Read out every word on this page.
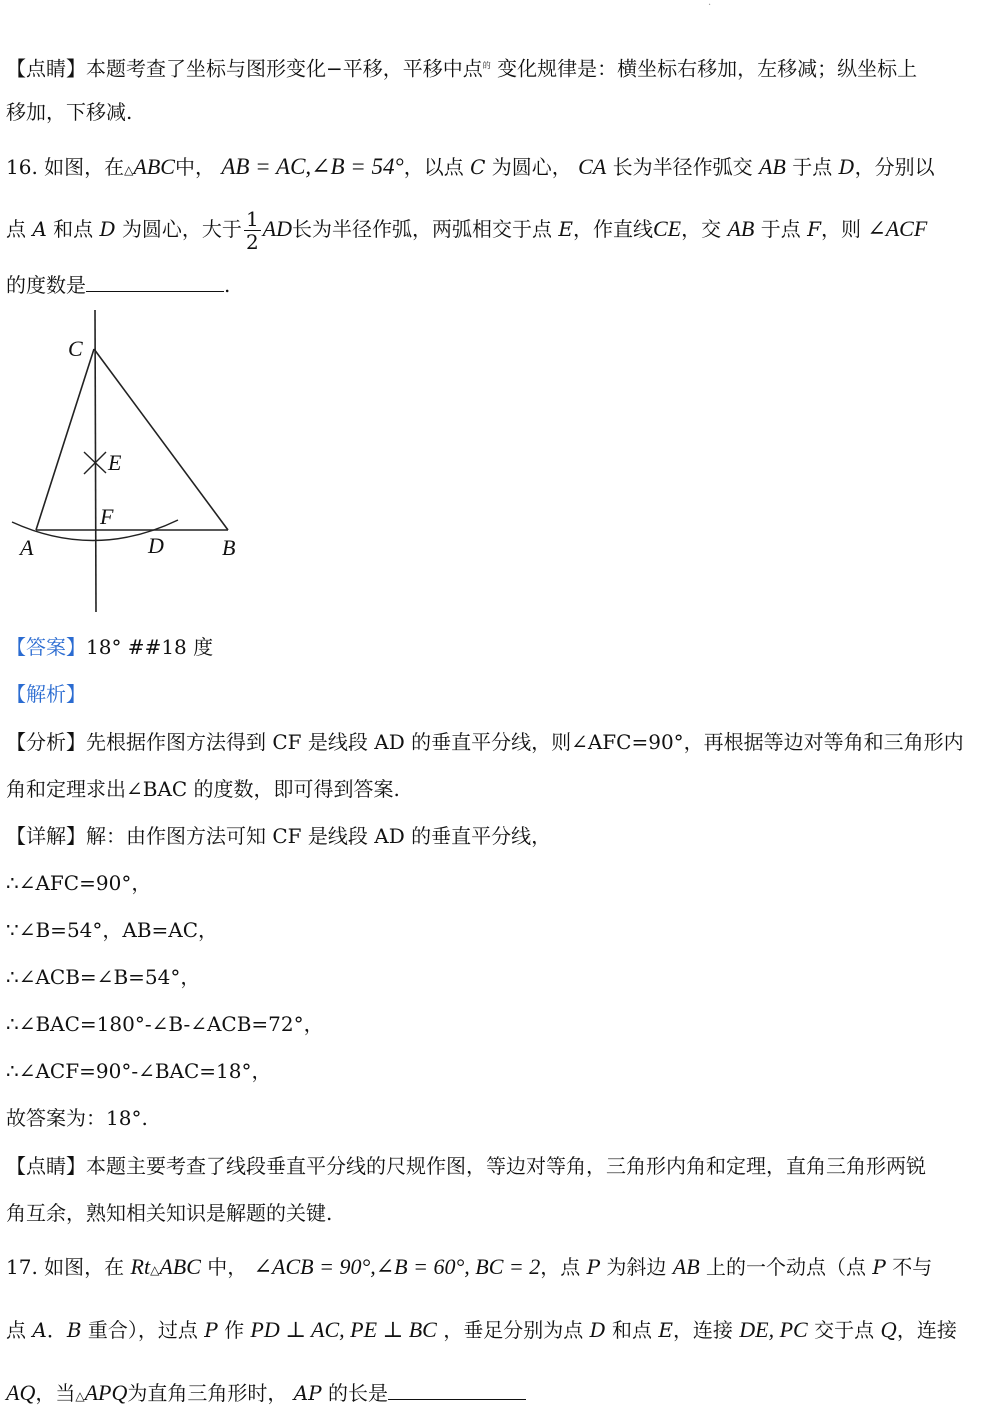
·
【点睛】本题考查了坐标与图形变化−平移，平移中点$^的$ 变化规律是：横坐标右移加，左移减；纵坐标上
移加，下移减.
16. 如图，在△ABC中， AB = AC,∠B = 54°，以点 C 为圆心， CA 长为半径作弧交 AB 于点 D，分别以
点 A 和点 D 为圆心，大于 $\frac{1}{2}$ AD长为半径作弧，两弧相交于点 E，作直线CE，交 AB 于点 F，则 ∠ACF
的度数是	.
C
E
F
A	D	B
【答案】18° ##18 度
【解析】
【分析】先根据作图方法得到 CF 是线段 AD 的垂直平分线，则∠AFC=90°，再根据等边对等角和三角形内
角和定理求出∠BAC 的度数，即可得到答案.
【详解】解：由作图方法可知 CF 是线段 AD 的垂直平分线，
∴∠AFC=90°，
∵∠B=54°，AB=AC，
∴∠ACB=∠B=54°，
∴∠BAC=180°-∠B-∠ACB=72°，
∴∠ACF=90°-∠BAC=18°，
故答案为：18°.
【点睛】本题主要考查了线段垂直平分线的尺规作图，等边对等角，三角形内角和定理，直角三角形两锐
角互余，熟知相关知识是解题的关键.
17. 如图，在 Rt△ABC 中， ∠ACB = 90°,∠B = 60°, BC = 2，点 P 为斜边 AB 上的一个动点（点 P 不与
点 A．B 重合），过点 P 作 PD ⊥ AC, PE ⊥ BC ，垂足分别为点 D 和点 E，连接 DE, PC 交于点 Q，连接
AQ，当△APQ为直角三角形时， AP 的长是
